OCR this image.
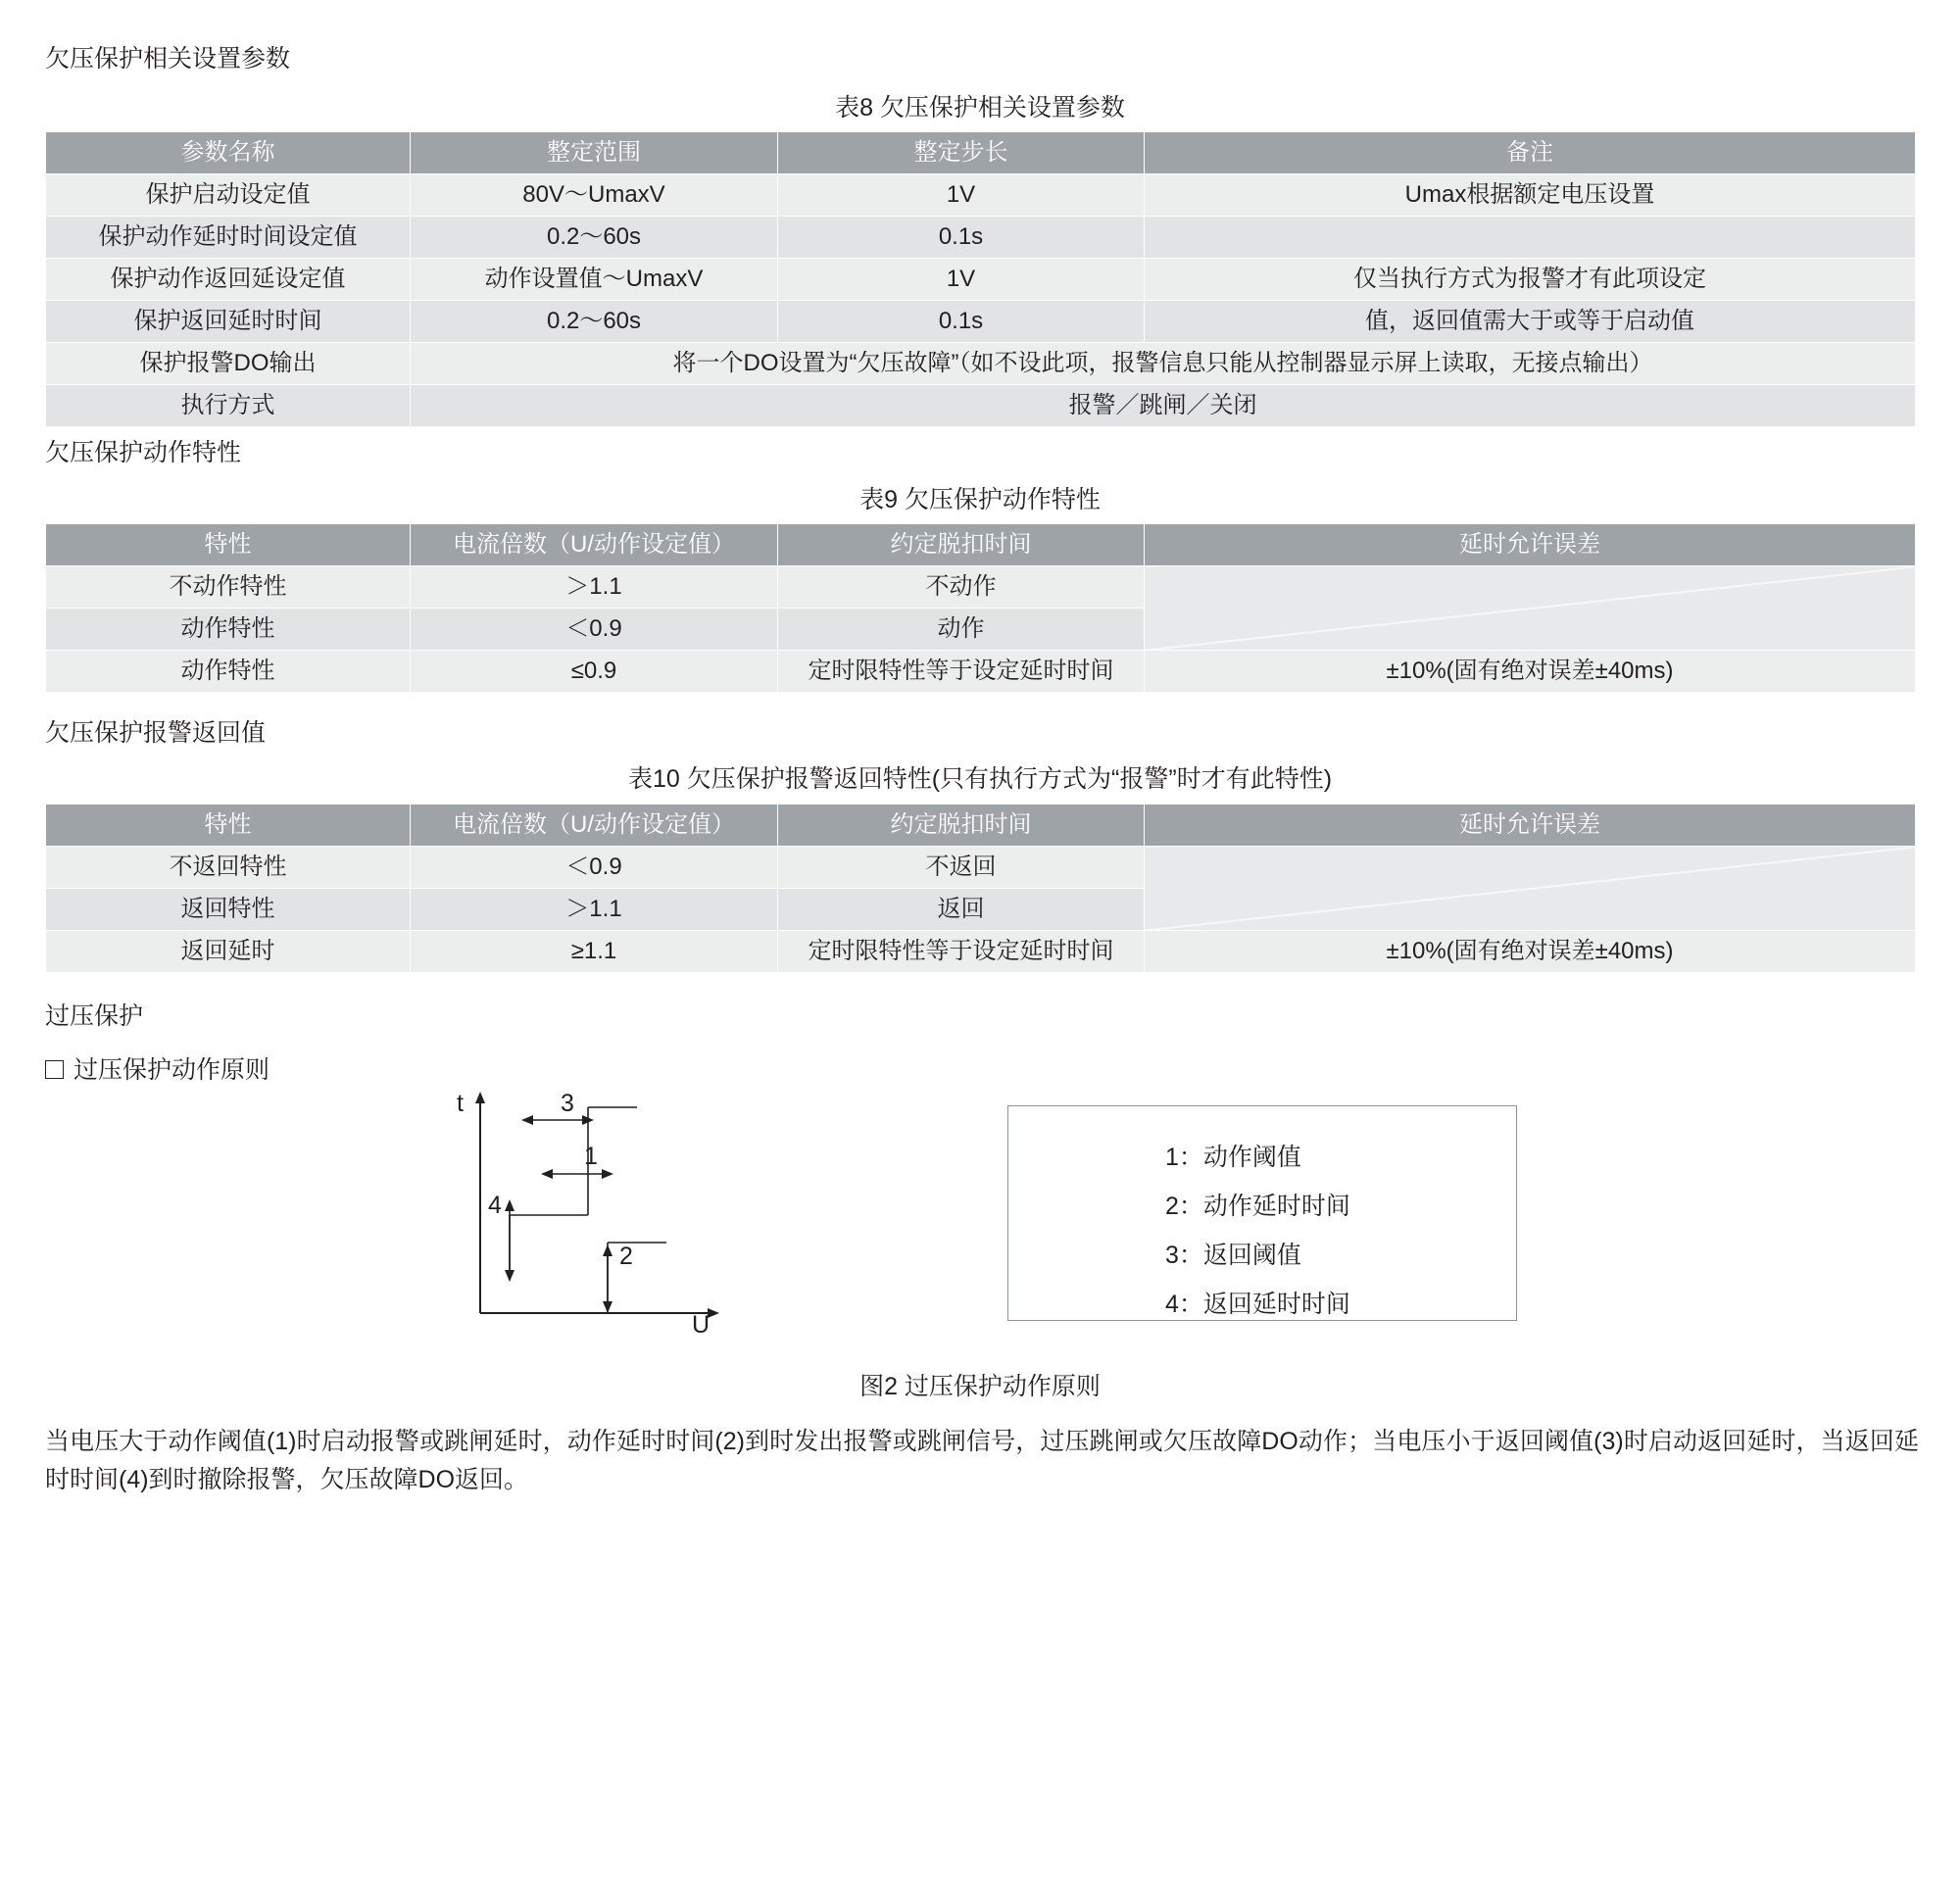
欠压保护相关设置参数
表8 欠压保护相关设置参数
参数名称	整定范围	整定步长	备注
保护启动设定值	80V～UmaxV	1V	Umax根据额定电压设置
保护动作延时时间设定值	0.2～60s	0.1s	
保护动作返回延设定值	动作设置值～UmaxV	1V	仅当执行方式为报警才有此项设定
保护返回延时时间	0.2～60s	0.1s	值，返回值需大于或等于启动值
保护报警DO输出	将一个DO设置为“欠压故障”（如不设此项，报警信息只能从控制器显示屏上读取，无接点输出）		
执行方式	报警／跳闸／关闭		
欠压保护动作特性
表9 欠压保护动作特性
特性	电流倍数（U/动作设定值）	约定脱扣时间	延时允许误差
不动作特性	＞1.1	不动作	
动作特性	＜0.9	动作	
动作特性	≤0.9	定时限特性等于设定延时时间	±10%(固有绝对误差±40ms)
欠压保护报警返回值
表10 欠压保护报警返回特性(只有执行方式为“报警”时才有此特性)
特性	电流倍数（U/动作设定值）	约定脱扣时间	延时允许误差
不返回特性	＜0.9	不返回	
返回特性	＞1.1	返回	
返回延时	≥1.1	定时限特性等于设定延时时间	±10%(固有绝对误差±40ms)
过压保护
过压保护动作原则
t
U
3
1
4
2
1：动作阈值
2：动作延时时间
3：返回阈值
4：返回延时时间
图2 过压保护动作原则
当电压大于动作阈值(1)时启动报警或跳闸延时，动作延时时间(2)到时发出报警或跳闸信号，过压跳闸或欠压故障DO动作；当电压小于返回阈值(3)时启动返回延时，当返回延时时间(4)到时撤除报警，欠压故障DO返回。
